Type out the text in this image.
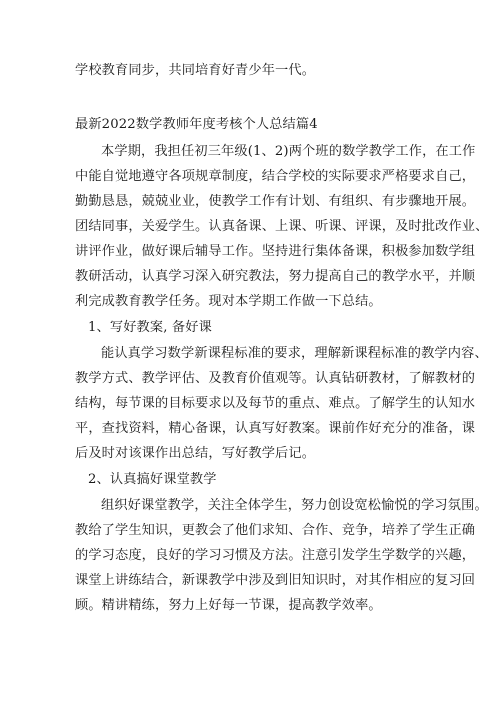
学校教育同步，共同培育好青少年一代。
最新2022数学教师年度考核个人总结篇4
本学期，我担任初三年级(1、2)两个班的数学教学工作，在工作
中能自觉地遵守各项规章制度，结合学校的实际要求严格要求自己，
勤勤恳恳，兢兢业业，使教学工作有计划、有组织、有步骤地开展。
团结同事，关爱学生。认真备课、上课、听课、评课，及时批改作业、
讲评作业，做好课后辅导工作。坚持进行集体备课，积极参加数学组
教研活动，认真学习深入研究教法，努力提高自己的教学水平，并顺
利完成教育教学任务。现对本学期工作做一下总结。
1、写好教案, 备好课
能认真学习数学新课程标准的要求，理解新课程标准的教学内容、
教学方式、教学评估、及教育价值观等。认真钻研教材，了解教材的
结构，每节课的目标要求以及每节的重点、难点。了解学生的认知水
平，查找资料，精心备课，认真写好教案。课前作好充分的准备，课
后及时对该课作出总结，写好教学后记。
2、认真搞好课堂教学
组织好课堂教学，关注全体学生，努力创设宽松愉悦的学习氛围。
教给了学生知识，更教会了他们求知、合作、竞争，培养了学生正确
的学习态度，良好的学习习惯及方法。注意引发学生学数学的兴趣，
课堂上讲练结合，新课教学中涉及到旧知识时，对其作相应的复习回
顾。精讲精练，努力上好每一节课，提高教学效率。
